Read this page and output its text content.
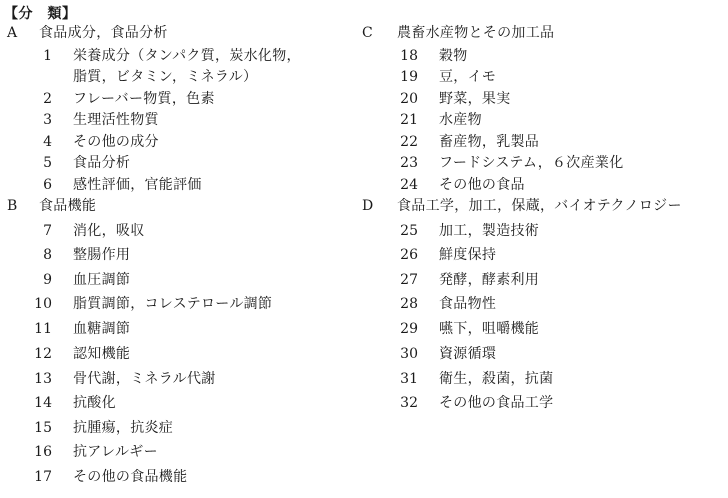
【分　類】
A 食品成分，食品分析
1 栄養成分（タンパク質，炭水化物，
脂質，ビタミン，ミネラル）
2 フレーバー物質，色素
3 生理活性物質
4 その他の成分
5 食品分析
6 感性評価，官能評価
B 食品機能
7 消化，吸収
8 整腸作用
9 血圧調節
10 脂質調節，コレステロール調節
11 血糖調節
12 認知機能
13 骨代謝，ミネラル代謝
14 抗酸化
15 抗腫瘍，抗炎症
16 抗アレルギー
17 その他の食品機能
C 農畜水産物とその加工品
18 穀物
19 豆，イモ
20 野菜，果実
21 水産物
22 畜産物，乳製品
23 フードシステム，６次産業化
24 その他の食品
D 食品工学，加工，保蔵，バイオテクノロジー
25 加工，製造技術
26 鮮度保持
27 発酵，酵素利用
28 食品物性
29 嚥下，咀嚼機能
30 資源循環
31 衛生，殺菌，抗菌
32 その他の食品工学
